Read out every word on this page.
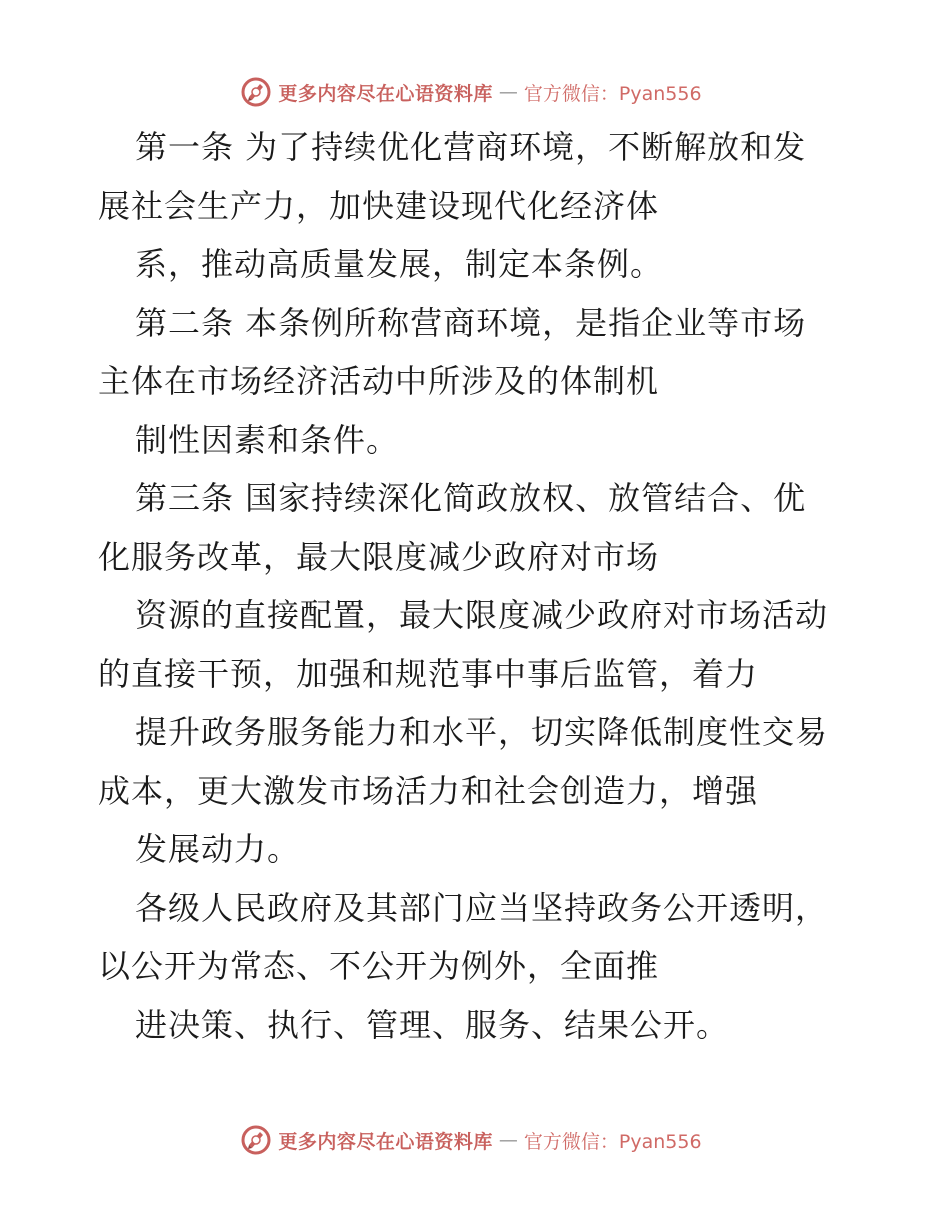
更多内容尽在心语资料库 — 官方微信：Pyan556
第一条 为了持续优化营商环境，不断解放和发
展社会生产力，加快建设现代化经济体
系，推动高质量发展，制定本条例。
第二条 本条例所称营商环境，是指企业等市场
主体在市场经济活动中所涉及的体制机
制性因素和条件。
第三条 国家持续深化简政放权、放管结合、优
化服务改革，最大限度减少政府对市场
资源的直接配置，最大限度减少政府对市场活动
的直接干预，加强和规范事中事后监管，着力
提升政务服务能力和水平，切实降低制度性交易
成本，更大激发市场活力和社会创造力，增强
发展动力。
各级人民政府及其部门应当坚持政务公开透明，
以公开为常态、不公开为例外，全面推
进决策、执行、管理、服务、结果公开。
更多内容尽在心语资料库 — 官方微信：Pyan556
